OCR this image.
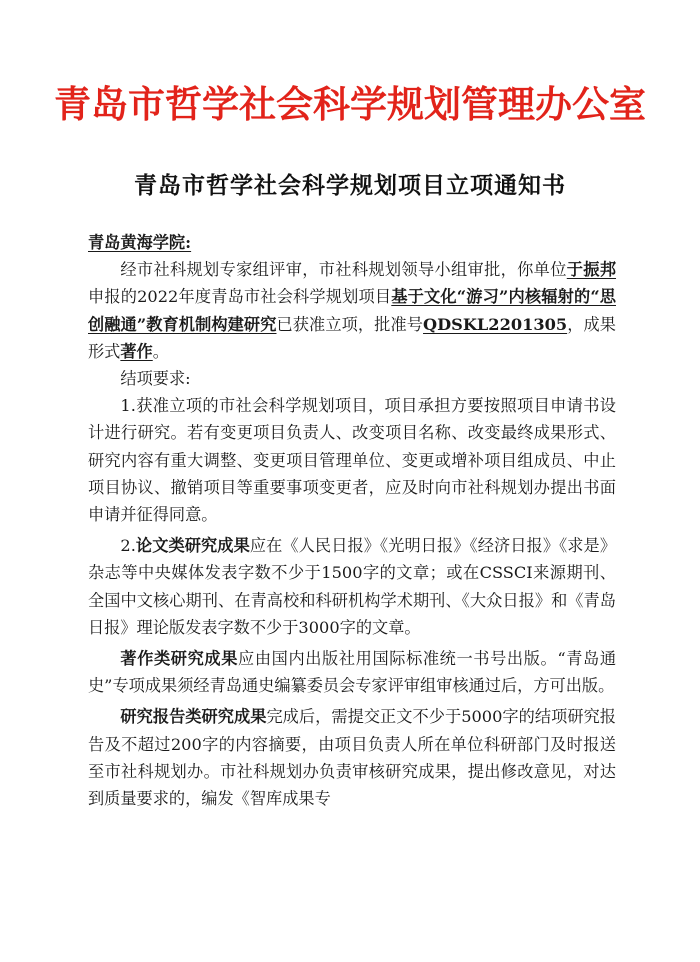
青岛市哲学社会科学规划管理办公室
青岛市哲学社会科学规划项目立项通知书

青岛黄海学院:

经市社科规划专家组评审，市社科规划领导小组审批，你单位于振邦申报的2022年度青岛市社会科学规划项目基于文化“游习”内核辐射的“思创融通”教育机制构建研究已获准立项，批准号QDSKL2201305，成果形式著作。

结项要求:

1.获准立项的市社会科学规划项目，项目承担方要按照项目申请书设计进行研究。若有变更项目负责人、改变项目名称、改变最终成果形式、研究内容有重大调整、变更项目管理单位、变更或增补项目组成员、中止项目协议、撤销项目等重要事项变更者，应及时向市社科规划办提出书面申请并征得同意。

2.论文类研究成果应在《人民日报》《光明日报》《经济日报》《求是》杂志等中央媒体发表字数不少于1500字的文章；或在CSSCI来源期刊、全国中文核心期刊、在青高校和科研机构学术期刊、《大众日报》和《青岛日报》理论版发表字数不少于3000字的文章。

著作类研究成果应由国内出版社用国际标准统一书号出版。“青岛通史”专项成果须经青岛通史编纂委员会专家评审组审核通过后，方可出版。

研究报告类研究成果完成后，需提交正文不少于5000字的结项研究报告及不超过200字的内容摘要，由项目负责人所在单位科研部门及时报送至市社科规划办。市社科规划办负责审核研究成果，提出修改意见，对达到质量要求的，编发《智库成果专
